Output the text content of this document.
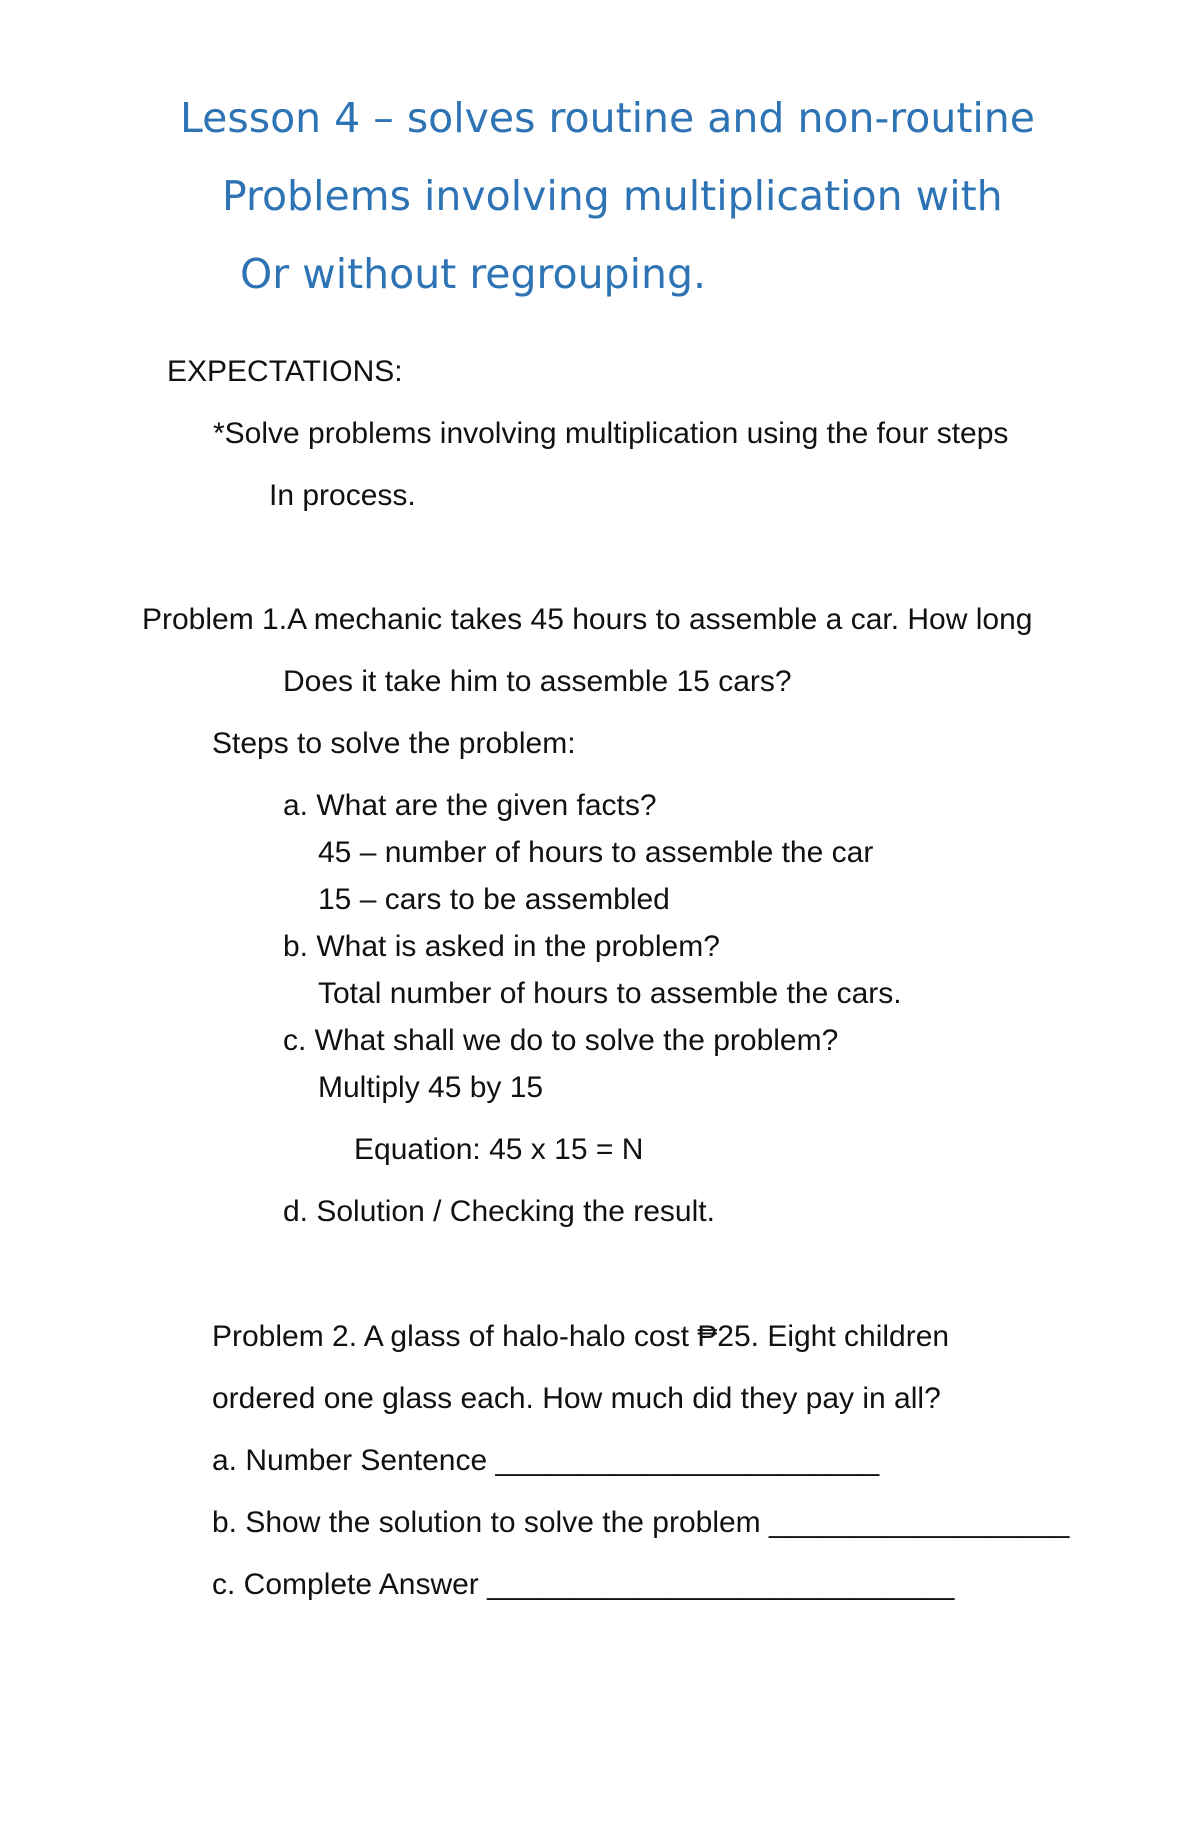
Lesson 4 – solves routine and non-routine
Problems involving multiplication with
Or without regrouping.
EXPECTATIONS:
*Solve problems involving multiplication using the four steps
In process.
Problem 1.A mechanic takes 45 hours to assemble a car. How long
Does it take him to assemble 15 cars?
Steps to solve the problem:
a. What are the given facts?
45 – number of hours to assemble the car
15 – cars to be assembled
b. What is asked in the problem?
Total number of hours to assemble the cars.
c. What shall we do to solve the problem?
Multiply 45 by 15
Equation: 45 x 15 = N
d. Solution / Checking the result.
Problem 2. A glass of halo-halo cost ₱25. Eight children
ordered one glass each. How much did they pay in all?
a. Number Sentence _______________________
b. Show the solution to solve the problem __________________
c. Complete Answer ____________________________
